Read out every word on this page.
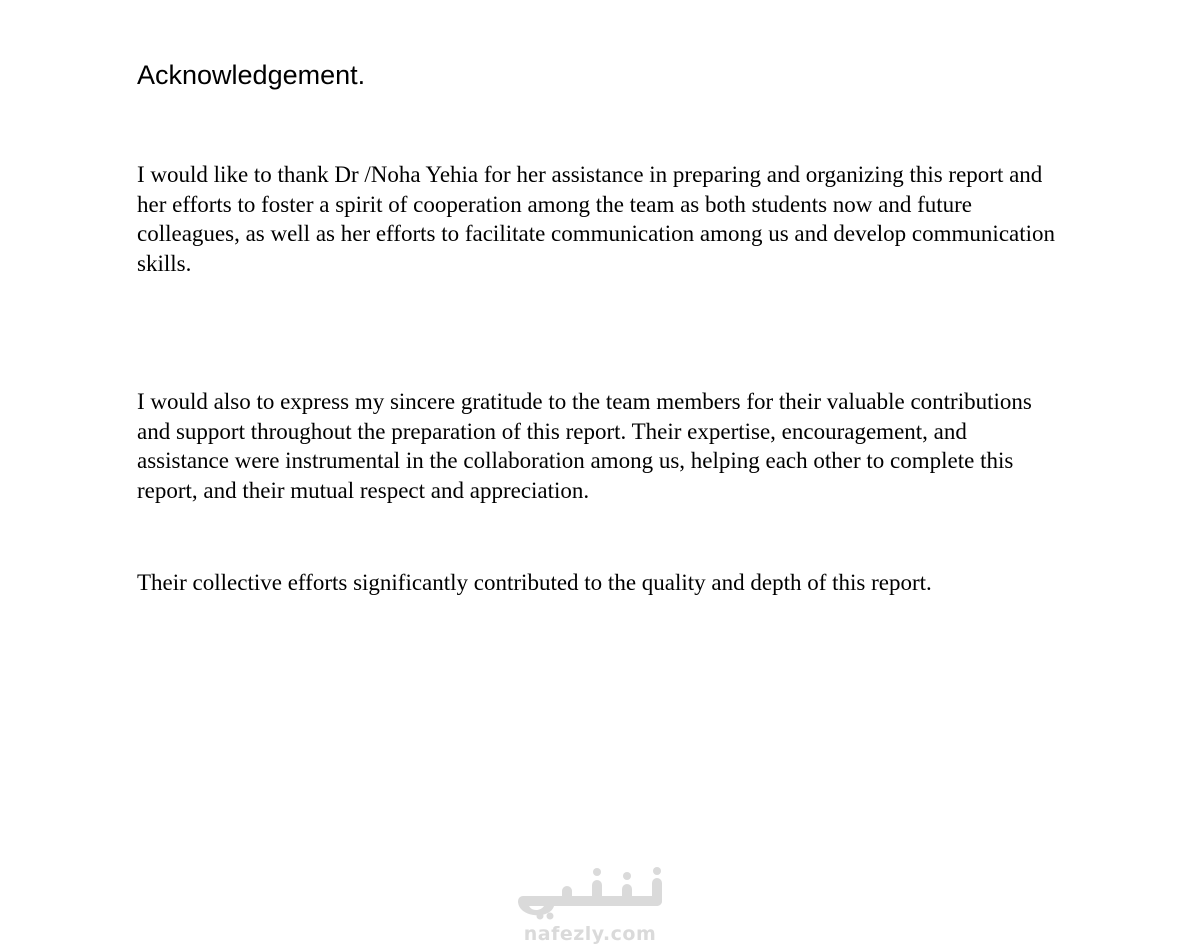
Acknowledgement.

I would like to thank Dr /Noha Yehia for her assistance in preparing and organizing this report and her efforts to foster a spirit of cooperation among the team as both students now and future colleagues, as well as her efforts to facilitate communication among us and develop communication skills.

I would also to express my sincere gratitude to the team members for their valuable contributions and support throughout the preparation of this report. Their expertise, encouragement, and assistance were instrumental in the collaboration among us, helping each other to complete this report, and their mutual respect and appreciation.

Their collective efforts significantly contributed to the quality and depth of this report.

nafezly.com
